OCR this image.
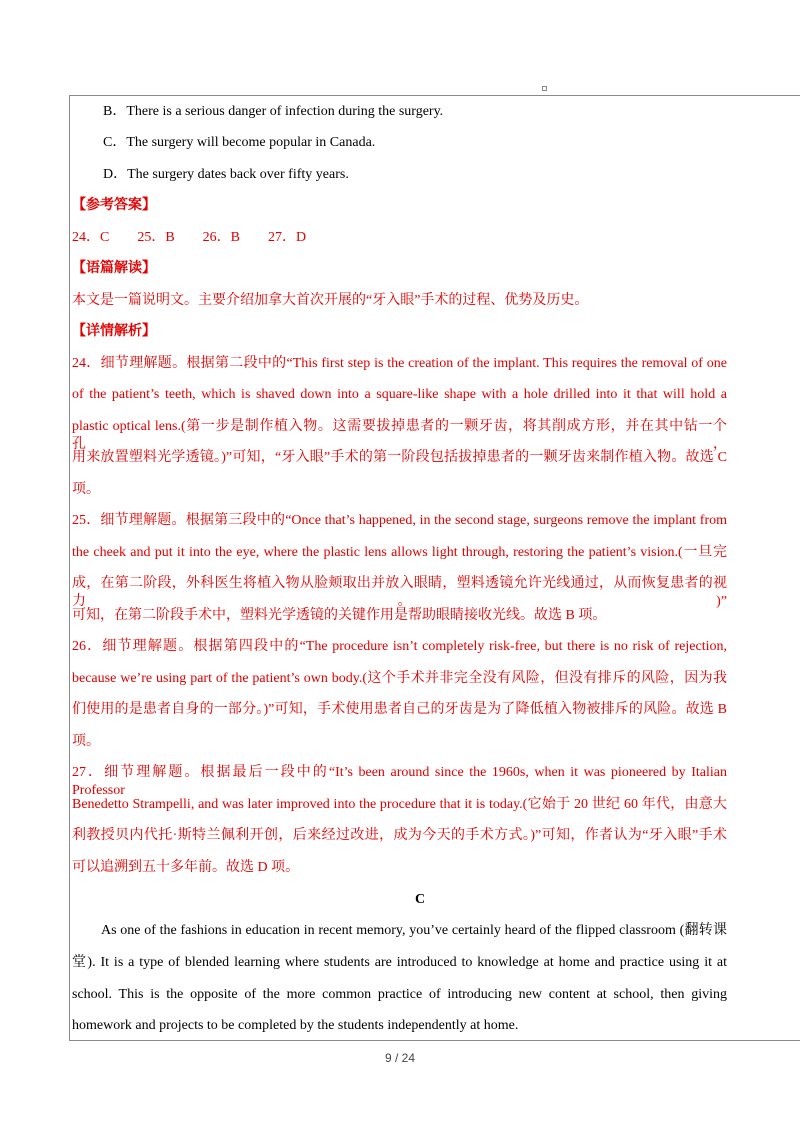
B．There is a serious danger of infection during the surgery.
C．The surgery will become popular in Canada.
D．The surgery dates back over fifty years.
【参考答案】
24．C　　25．B　　26．B　　27．D
【语篇解读】
本文是一篇说明文。主要介绍加拿大首次开展的“牙入眼”手术的过程、优势及历史。
【详情解析】
24．细节理解题。根据第二段中的“This first step is the creation of the implant. This requires the removal of one
of the patient’s teeth, which is shaved down into a square-like shape with a hole drilled into it that will hold a
plastic optical lens.(第一步是制作植入物。这需要拔掉患者的一颗牙齿，将其削成方形，并在其中钻一个孔，
用来放置塑料光学透镜。)”可知，“牙入眼”手术的第一阶段包括拔掉患者的一颗牙齿来制作植入物。故选 C
项。
25．细节理解题。根据第三段中的“Once that’s happened, in the second stage, surgeons remove the implant from
the cheek and put it into the eye, where the plastic lens allows light through, restoring the patient’s vision.(一旦完
成，在第二阶段，外科医生将植入物从脸颊取出并放入眼睛，塑料透镜允许光线通过，从而恢复患者的视力。)”
可知，在第二阶段手术中，塑料光学透镜的关键作用是帮助眼睛接收光线。故选 B 项。
26．细节理解题。根据第四段中的“The procedure isn’t completely risk-free, but there is no risk of rejection,
because we’re using part of the patient’s own body.(这个手术并非完全没有风险，但没有排斥的风险，因为我
们使用的是患者自身的一部分。)”可知，手术使用患者自己的牙齿是为了降低植入物被排斥的风险。故选 B
项。
27．细节理解题。根据最后一段中的“It’s been around since the 1960s, when it was pioneered by Italian Professor
Benedetto Strampelli, and was later improved into the procedure that it is today.(它始于 20 世纪 60 年代，由意大
利教授贝内代托·斯特兰佩利开创，后来经过改进，成为今天的手术方式。)”可知，作者认为“牙入眼”手术
可以追溯到五十多年前。故选 D 项。
C
As one of the fashions in education in recent memory, you’ve certainly heard of the flipped classroom (翻转课
堂). It is a type of blended learning where students are introduced to knowledge at home and practice using it at
school. This is the opposite of the more common practice of introducing new content at school, then giving
homework and projects to be completed by the students independently at home.
9 / 24
